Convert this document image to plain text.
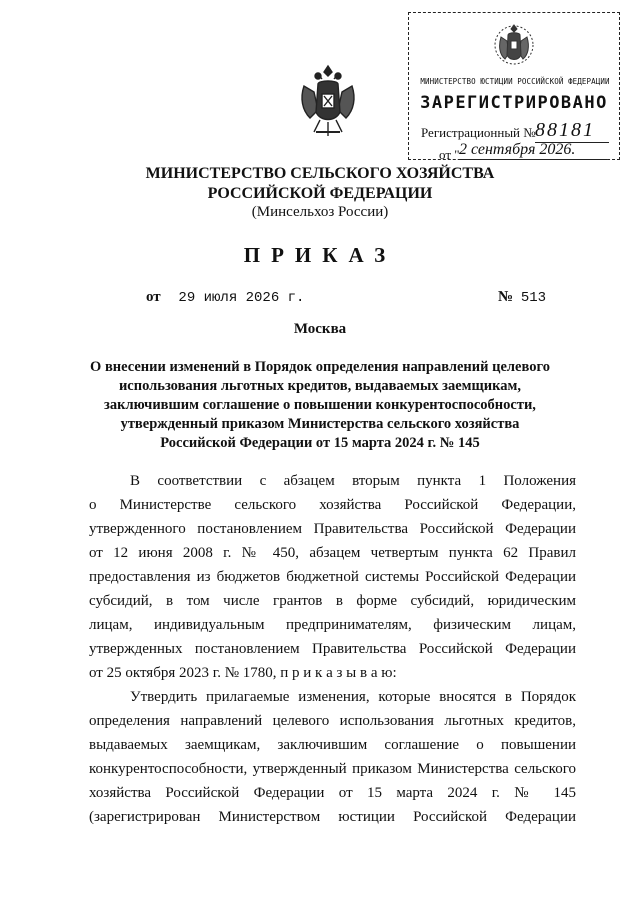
МИНИСТЕРСТВО ЮСТИЦИИ РОССИЙСКОЙ ФЕДЕРАЦИИ
ЗАРЕГИСТРИРОВАНО
Регистрационный № 88181
от " 2 сентября 2026.
МИНИСТЕРСТВО СЕЛЬСКОГО ХОЗЯЙСТВА
РОССИЙСКОЙ ФЕДЕРАЦИИ
(Минсельхоз России)
ПРИКАЗ
от 29 июля 2026 г.	№ 513
Москва
О внесении изменений в Порядок определения направлений целевого
использования льготных кредитов, выдаваемых заемщикам,
заключившим соглашение о повышении конкурентоспособности,
утвержденный приказом Министерства сельского хозяйства
Российской Федерации от 15 марта 2024 г. № 145
В соответствии с абзацем вторым пункта 1 Положения
о Министерстве сельского хозяйства Российской Федерации,
утвержденного постановлением Правительства Российской Федерации
от 12 июня 2008 г. № 450, абзацем четвертым пункта 62 Правил
предоставления из бюджетов бюджетной системы Российской Федерации
субсидий, в том числе грантов в форме субсидий, юридическим
лицам, индивидуальным предпринимателям, физическим лицам,
утвержденных постановлением Правительства Российской Федерации
от 25 октября 2023 г. № 1780, п р и к а з ы в а ю:
Утвердить прилагаемые изменения, которые вносятся в Порядок
определения направлений целевого использования льготных кредитов,
выдаваемых заемщикам, заключившим соглашение о повышении
конкурентоспособности, утвержденный приказом Министерства сельского
хозяйства Российской Федерации от 15 марта 2024 г. № 145
(зарегистрирован Министерством юстиции Российской Федерации
